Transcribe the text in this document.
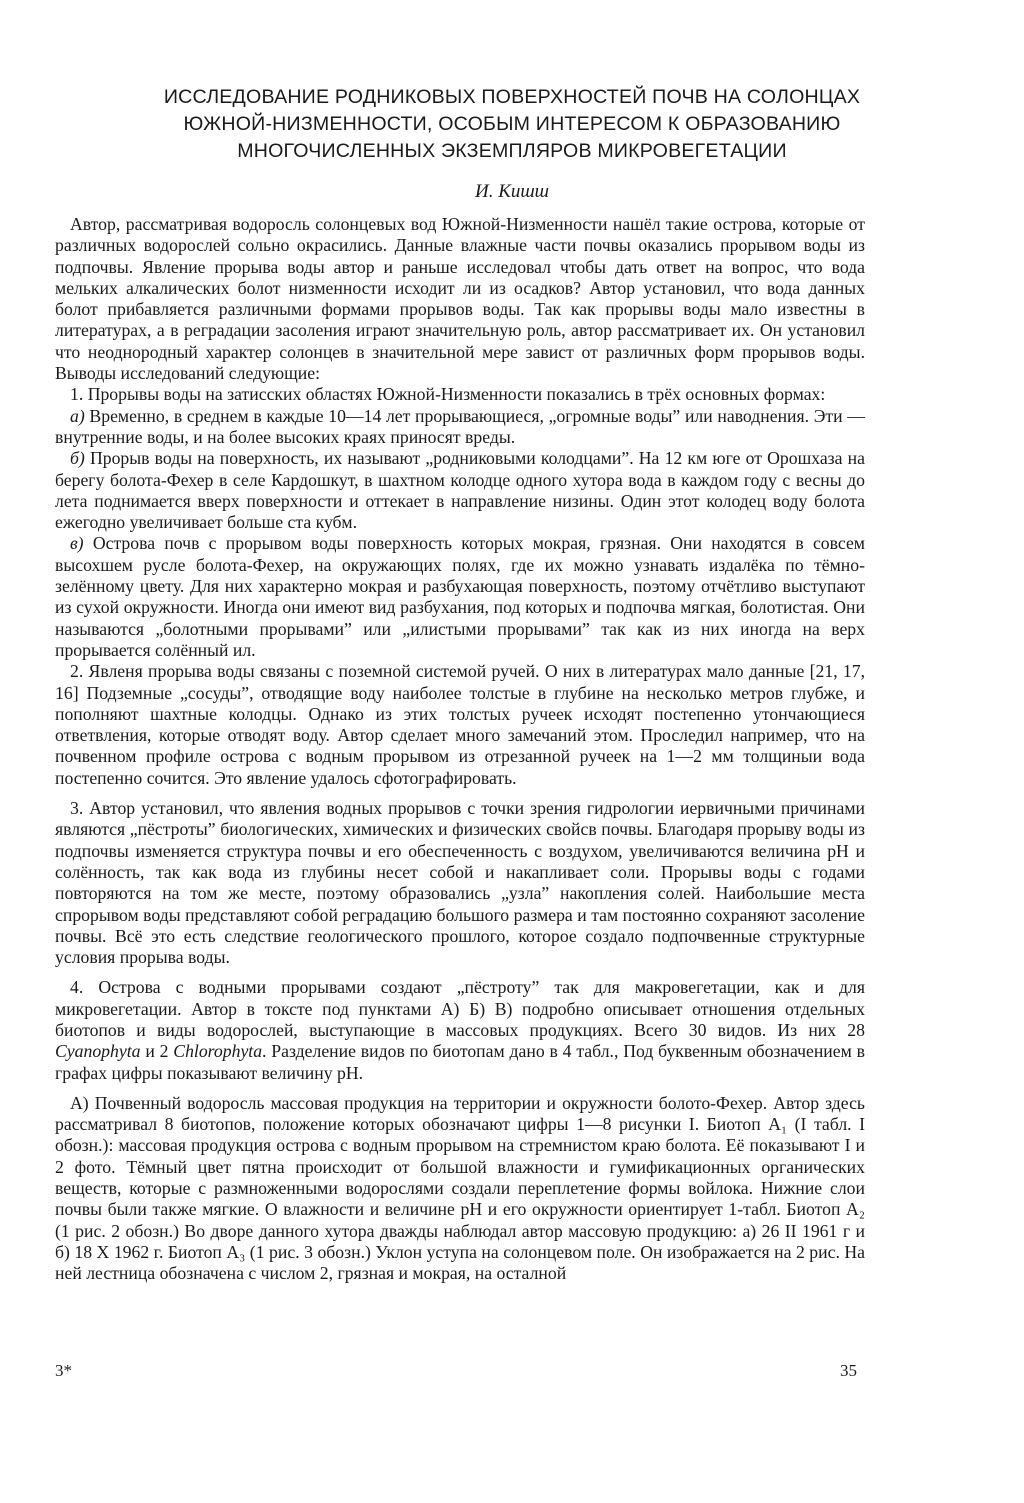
ИССЛЕДОВАНИЕ РОДНИКОВЫХ ПОВЕРХНОСТЕЙ ПОЧВ НА СОЛОНЦАХ
ЮЖНОЙ-НИЗМЕННОСТИ, ОСОБЫМ ИНТЕРЕСОМ К ОБРАЗОВАНИЮ
МНОГОЧИСЛЕННЫХ ЭКЗЕМПЛЯРОВ МИКРОВЕГЕТАЦИИ
И. Кишш

Автор, рассматривая водоросль солонцевых вод Южной-Низменности нашёл такие острова, которые от различных водорослей сольно окрасились. Данные влажные части почвы оказались прорывом воды из подпочвы. Явление прорыва воды автор и раньше исследовал чтобы дать ответ на вопрос, что вода мельких алкалических болот низменности исходит ли из осадков? Автор установил, что вода данных болот прибавляется различными формами прорывов воды. Так как прорывы воды мало известны в литературах, а в реградации засоления играют значительную роль, автор рассматривает их. Он установил что неоднородный характер солонцев в значительной мере завист от различных форм прорывов воды. Выводы исследований следующие:

1. Прорывы воды на затисских областях Южной-Низменности показались в трёх основных формах:

а) Временно, в среднем в каждые 10—14 лет прорывающиеся, „огромные воды” или наводнения. Эти — внутренние воды, и на более высоких краях приносят вреды.

б) Прорыв воды на поверхность, их называют „родниковыми колодцами”. На 12 км юге от Орошхаза на берегу болота-Фехер в селе Кардошкут, в шахтном колодце одного хутора вода в каждом году с весны до лета поднимается вверх поверхности и оттекает в направление низины. Один этот колодец воду болота ежегодно увеличивает больше ста кубм.

в) Острова почв с прорывом воды поверхность которых мокрая, грязная. Они находятся в совсем высохшем русле болота-Фехер, на окружающих полях, где их можно узнавать издалёка по тёмно-зелённому цвету. Для них характерно мокрая и разбухающая поверхность, поэтому отчётливо выступают из сухой окружности. Иногда они имеют вид разбухания, под которых и подпочва мягкая, болотистая. Они называются „болотными прорывами” или „илистыми прорывами” так как из них иногда на верх прорывается солённый ил.

2. Явленя прорыва воды связаны с поземной системой ручей. О них в литературах мало данные [21, 17, 16] Подземные „сосуды”, отводящие воду наиболее толстые в глубине на несколько метров глубже, и пополняют шахтные колодцы. Однако из этих толстых ручеек исходят постепенно утончающиеся ответвления, которые отводят воду. Автор сделает много замечаний этом. Проследил например, что на почвенном профиле острова с водным прорывом из отрезанной ручеек на 1—2 мм толщиныи вода постепенно сочится. Это явление удалось сфотографировать.

3. Автор установил, что явления водных прорывов с точки зрения гидрологии иервичными причинами являются „пёстроты” биологических, химических и физических свойсв почвы. Благодаря прорыву воды из подпочвы изменяется структура почвы и его обеспеченность с воздухом, увеличиваются величина pH и солённость, так как вода из глубины несет собой и накапливает соли. Прорывы воды с годами повторяются на том же месте, поэтому образовались „узла” накопления солей. Наибольшие места спрорывом воды представляют собой реградацию большого размера и там постоянно сохраняют засоление почвы. Всё это есть следствие геологического прошлого, которое создало подпочвенные структурные условия прорыва воды.

4. Острова с водными прорывами создают „пёстроту” так для макровегетации, как и для микровегетации. Автор в токсте под пунктами А) Б) В) подробно описывает отношения отдельных биотопов и виды водорослей, выступающие в массовых продукциях. Всего 30 видов. Из них 28 Cyanophyta и 2 Chlorophyta. Разделение видов по биотопам дано в 4 табл., Под буквенным обозначением в графах цифры показывают величину pH.

А) Почвенный водоросль массовая продукция на территории и окружности болото-Фехер. Автор здесь рассматривал 8 биотопов, положение которых обозначают цифры 1—8 рисунки I. Биотоп A₁ (I табл. I обозн.): массовая продукция острова с водным прорывом на стремнистом краю болота. Её показывают I и 2 фото. Тёмный цвет пятна происходит от большой влажности и гумификационных органических веществ, которые с размноженными водорослями создали переплетение формы войлока. Нижние слои почвы были также мягкие. О влажности и величине pH и его окружности ориентирует 1-табл. Биотоп A₂ (1 рис. 2 обозн.) Во дворе данного хутора дважды наблюдал автор массовую продукцию: а) 26 II 1961 г и б) 18 X 1962 г. Биотоп A₃ (1 рис. 3 обозн.) Уклон уступа на солонцевом поле. Он изображается на 2 рис. На ней лестница обозначена с числом 2, грязная и мокрая, на осталной

3*	35
